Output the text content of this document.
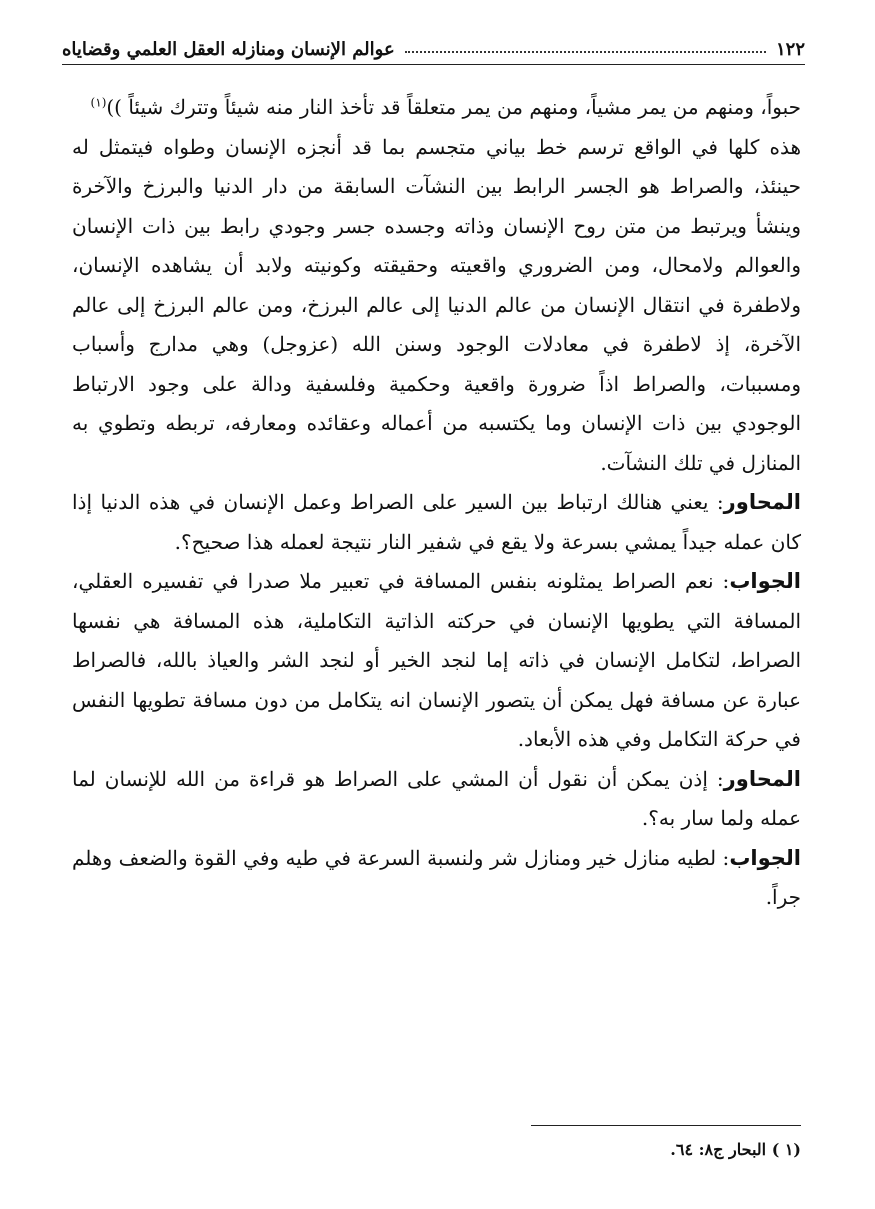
١٢٢
عوالم الإنسان ومنازله العقل العلمي وقضاياه

حبواً، ومنهم من يمر مشياً، ومنهم من يمر متعلقاً قد تأخذ النار منه شيئاً وتترك شيئاً ))$^{(١)}$

هذه كلها في الواقع ترسم خط بياني متجسم بما قد أنجزه الإنسان وطواه فيتمثل له حينئذ، والصراط هو الجسر الرابط بين النشآت السابقة من دار الدنيا والبرزخ والآخرة وينشأ ويرتبط من متن روح الإنسان وذاته وجسده جسر وجودي رابط بين ذات الإنسان والعوالم ولامحال، ومن الضروري واقعيته وحقيقته وكونيته ولابد أن يشاهده الإنسان، ولاطفرة في انتقال الإنسان من عالم الدنيا إلى عالم البرزخ، ومن عالم البرزخ إلى عالم الآخرة، إذ لاطفرة في معادلات الوجود وسنن الله (عزوجل) وهي مدارج وأسباب ومسببات، والصراط اذاً ضرورة واقعية وحكمية وفلسفية ودالة على وجود الارتباط الوجودي بين ذات الإنسان وما يكتسبه من أعماله وعقائده ومعارفه، تربطه وتطوي به المنازل في تلك النشآت.

المحاور: يعني هنالك ارتباط بين السير على الصراط وعمل الإنسان في هذه الدنيا إذا كان عمله جيداً يمشي بسرعة ولا يقع في شفير النار نتيجة لعمله هذا صحيح؟.

الجواب: نعم الصراط يمثلونه بنفس المسافة في تعبير ملا صدرا في تفسيره العقلي، المسافة التي يطويها الإنسان في حركته الذاتية التكاملية، هذه المسافة هي نفسها الصراط، لتكامل الإنسان في ذاته إما لنجد الخير أو لنجد الشر والعياذ بالله، فالصراط عبارة عن مسافة فهل يمكن أن يتصور الإنسان انه يتكامل من دون مسافة تطويها النفس في حركة التكامل وفي هذه الأبعاد.

المحاور: إذن يمكن أن نقول أن المشي على الصراط هو قراءة من الله للإنسان لما عمله ولما سار به؟.

الجواب: لطيه منازل خير ومنازل شر ولنسبة السرعة في طيه وفي القوة والضعف وهلم جراً.

(١ ) البحار ج٨: ٦٤.
